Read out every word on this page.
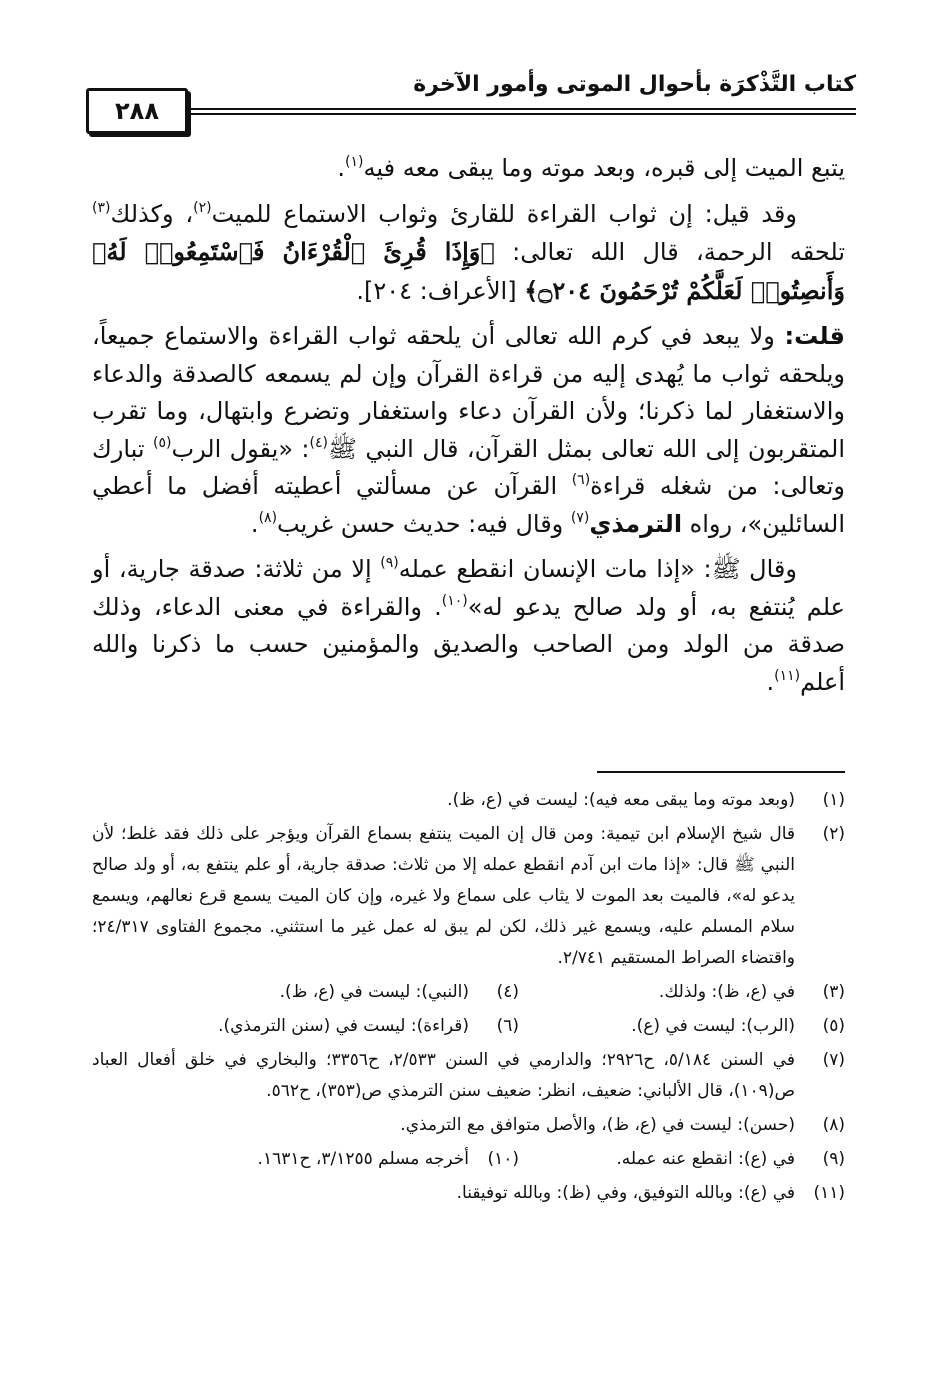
كتاب التَّذْكرَة بأحوال الموتى وأمور الآخرة
٢٨٨

يتبع الميت إلى قبره، وبعد موته وما يبقى معه فيه$^{(١)}$.

وقد قيل: إن ثواب القراءة للقارئ وثواب الاستماع للميت$^{(٢)}$، وكذلك$^{(٣)}$ تلحقه الرحمة، قال الله تعالى: ﴿وَإِذَا قُرِئَ ٱلْقُرْءَانُ فَٱسْتَمِعُوا۟ لَهُۥ وَأَنصِتُوا۟ لَعَلَّكُمْ تُرْحَمُونَ ۝٢٠٤﴾ [الأعراف: ٢٠٤].

قلت: ولا يبعد في كرم الله تعالى أن يلحقه ثواب القراءة والاستماع جميعاً، ويلحقه ثواب ما يُهدى إليه من قراءة القرآن وإن لم يسمعه كالصدقة والدعاء والاستغفار لما ذكرنا؛ ولأن القرآن دعاء واستغفار وتضرع وابتهال، وما تقرب المتقربون إلى الله تعالى بمثل القرآن، قال النبي ﷺ$^{(٤)}$: «يقول الرب$^{(٥)}$ تبارك وتعالى: من شغله قراءة$^{(٦)}$ القرآن عن مسألتي أعطيته أفضل ما أعطي السائلين»، رواه الترمذي$^{(٧)}$ وقال فيه: حديث حسن غريب$^{(٨)}$.

وقال ﷺ: «إذا مات الإنسان انقطع عمله$^{(٩)}$ إلا من ثلاثة: صدقة جارية، أو علم يُنتفع به، أو ولد صالح يدعو له»$^{(١٠)}$. والقراءة في معنى الدعاء، وذلك صدقة من الولد ومن الصاحب والصديق والمؤمنين حسب ما ذكرنا والله أعلم$^{(١١)}$.

(١)
(وبعد موته وما يبقى معه فيه): ليست في (ع، ظ).
(٢)
قال شيخ الإسلام ابن تيمية: ومن قال إن الميت ينتفع بسماع القرآن ويؤجر على ذلك فقد غلط؛ لأن النبي ﷺ قال: «إذا مات ابن آدم انقطع عمله إلا من ثلاث: صدقة جارية، أو علم ينتفع به، أو ولد صالح يدعو له»، فالميت بعد الموت لا يثاب على سماع ولا غيره، وإن كان الميت يسمع قرع نعالهم، ويسمع سلام المسلم عليه، ويسمع غير ذلك، لكن لم يبق له عمل غير ما استثني. مجموع الفتاوى ٢٤/٣١٧؛ واقتضاء الصراط المستقيم ٢/٧٤١.
(٣)
في (ع، ظ): ولذلك.
(٤)
(النبي): ليست في (ع، ظ).
(٥)
(الرب): ليست في (ع).
(٦)
(قراءة): ليست في (سنن الترمذي).
(٧)
في السنن ٥/١٨٤، ح٢٩٢٦؛ والدارمي في السنن ٢/٥٣٣، ح٣٣٥٦؛ والبخاري في خلق أفعال العباد ص(١٠٩)، قال الألباني: ضعيف، انظر: ضعيف سنن الترمذي ص(٣٥٣)، ح٥٦٢.
(٨)
(حسن): ليست في (ع، ظ)، والأصل متوافق مع الترمذي.
(٩)
في (ع): انقطع عنه عمله.
(١٠)
أخرجه مسلم ٣/١٢٥٥، ح١٦٣١.
(١١)
في (ع): وبالله التوفيق، وفي (ظ): وبالله توفيقنا.
